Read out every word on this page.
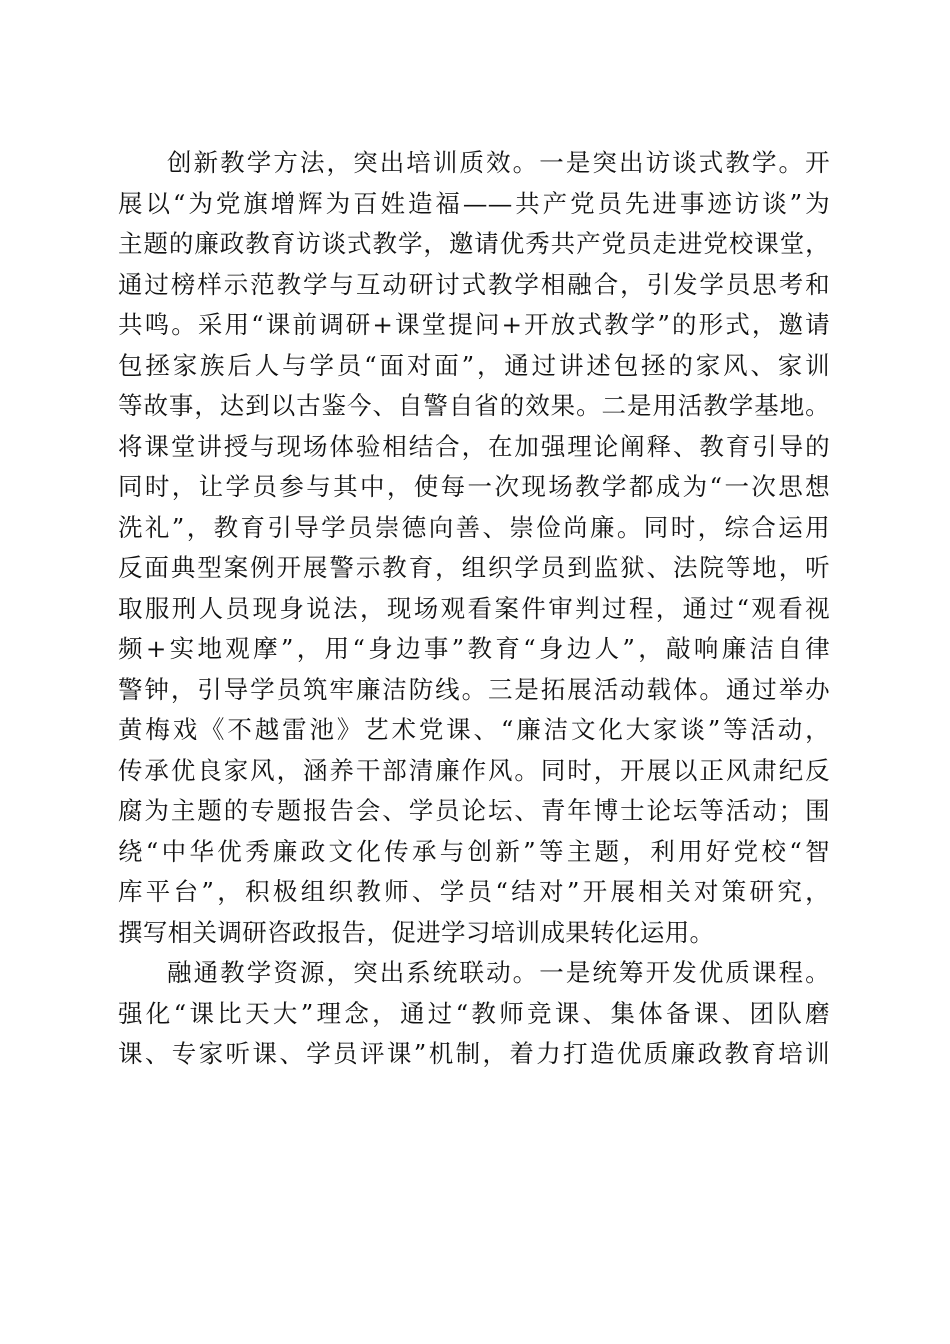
创新教学方法，突出培训质效。一是突出访谈式教学。开
展以“为党旗增辉为百姓造福——共产党员先进事迹访谈”为
主题的廉政教育访谈式教学，邀请优秀共产党员走进党校课堂，
通过榜样示范教学与互动研讨式教学相融合，引发学员思考和
共鸣。采用“课前调研+课堂提问+开放式教学”的形式，邀请
包拯家族后人与学员“面对面”，通过讲述包拯的家风、家训
等故事，达到以古鉴今、自警自省的效果。二是用活教学基地。
将课堂讲授与现场体验相结合，在加强理论阐释、教育引导的
同时，让学员参与其中，使每一次现场教学都成为“一次思想
洗礼”，教育引导学员崇德向善、崇俭尚廉。同时，综合运用
反面典型案例开展警示教育，组织学员到监狱、法院等地，听
取服刑人员现身说法，现场观看案件审判过程，通过“观看视
频+实地观摩”，用“身边事”教育“身边人”，敲响廉洁自律
警钟，引导学员筑牢廉洁防线。三是拓展活动载体。通过举办
黄梅戏《不越雷池》艺术党课、“廉洁文化大家谈”等活动，
传承优良家风，涵养干部清廉作风。同时，开展以正风肃纪反
腐为主题的专题报告会、学员论坛、青年博士论坛等活动；围
绕“中华优秀廉政文化传承与创新”等主题，利用好党校“智
库平台”，积极组织教师、学员“结对”开展相关对策研究，
撰写相关调研咨政报告，促进学习培训成果转化运用。
融通教学资源，突出系统联动。一是统筹开发优质课程。
强化“课比天大”理念，通过“教师竞课、集体备课、团队磨
课、专家听课、学员评课”机制，着力打造优质廉政教育培训
